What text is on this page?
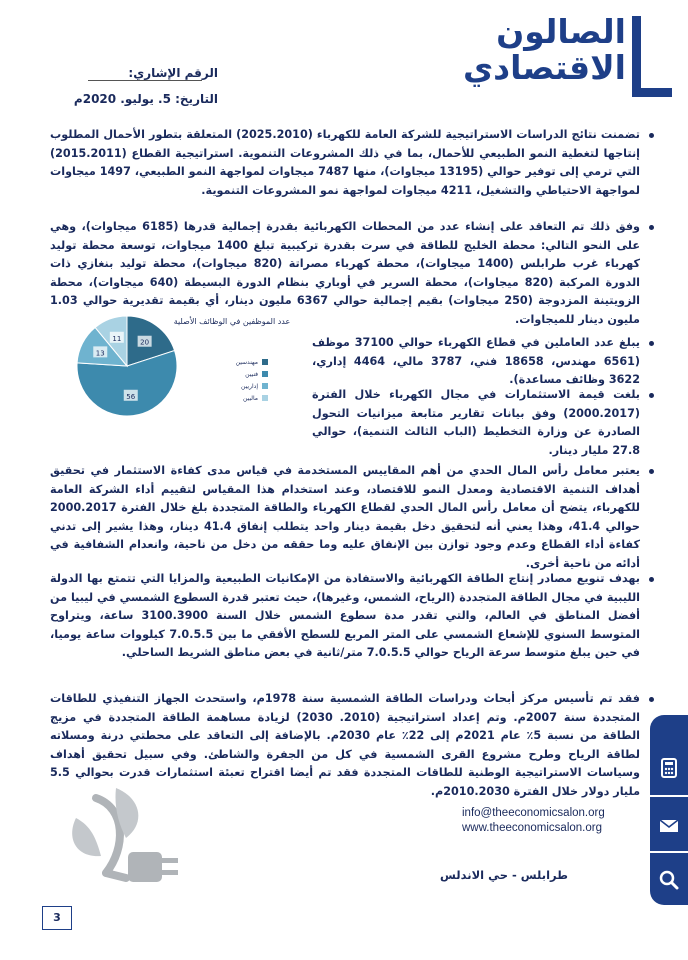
الصالون
الاقتصادي
الرقم الإشاري:
التاريخ: 5. يوليو. 2020م
تضمنت نتائج الدراسات الاستراتيجية للشركة العامة للكهرباء (2025.2010) المتعلقة بتطور الأحمال المطلوب إنتاجها لتغطية النمو الطبيعي للأحمال، بما في ذلك المشروعات التنموية. استراتيجية القطاع (2015.2011) التي ترمي إلى توفير حوالي (13195 ميجاوات)، منها 7487 ميجاوات لمواجهة النمو الطبيعي، 1497 ميجاوات لمواجهة الاحتياطي والتشغيل، 4211 ميجاوات لمواجهة نمو المشروعات التنموية.
وفق ذلك تم التعاقد على إنشاء عدد من المحطات الكهربائية بقدرة إجمالية قدرها (6185 ميجاوات)، وهي على النحو التالي: محطة الخليج للطاقة في سرت بقدرة تركيبية تبلغ 1400 ميجاوات، توسعة محطة توليد كهرباء غرب طرابلس (1400 ميجاوات)، محطة كهرباء مصراتة (820 ميجاوات)، محطة توليد بنغازي ذات الدورة المركبة (820 ميجاوات)، محطة السرير في أوباري بنظام الدورة البسيطة (640 ميجاوات)، محطة الزويتينة المزدوجة (250 ميجاوات) بقيم إجمالية حوالي 6367 مليون دينار، أي بقيمة تقديرية حوالي 1.03 مليون دينار للميجاوات.
يبلغ عدد العاملين في قطاع الكهرباء حوالي 37100 موظف (6561 مهندس، 18658 فني، 3787 مالي، 4464 إداري، 3622 وظائف مساعدة).
بلغت قيمة الاستثمارات في مجال الكهرباء خلال الفترة (2000.2017) وفق بيانات تقارير متابعة ميزانيات التحول الصادرة عن وزارة التخطيط (الباب الثالث التنمية)، حوالي 27.8 مليار دينار.
عدد الموظفين في الوظائف الأصلية
20
56
13
11
مهندسين
فنيين
إداريين
ماليين
يعتبر معامل رأس المال الحدي من أهم المقاييس المستخدمة في قياس مدى كفاءة الاستثمار في تحقيق أهداف التنمية الاقتصادية ومعدل النمو للاقتصاد، وعند استخدام هذا المقياس لتقييم أداء الشركة العامة للكهرباء، يتضح أن معامل رأس المال الحدي لقطاع الكهرباء والطاقة المتجددة بلغ خلال الفترة 2000.2017 حوالي 41.4، وهذا يعني أنه لتحقيق دخل بقيمة دينار واحد يتطلب إنفاق 41.4 دينار، وهذا يشير إلى تدني كفاءة أداء القطاع وعدم وجود توازن بين الإنفاق عليه وما حققه من دخل من ناحية، وانعدام الشفافية في أدائه من ناحية أخرى.
بهدف تنويع مصادر إنتاج الطاقة الكهربائية والاستفادة من الإمكانيات الطبيعية والمزايا التي تتمتع بها الدولة الليبية في مجال الطاقة المتجددة (الرياح، الشمس، وغيرها)، حيث تعتبر قدرة السطوع الشمسي في ليبيا من أفضل المناطق في العالم، والتي تقدر مدة سطوع الشمس خلال السنة 3100.3900 ساعة، ويتراوح المتوسط السنوي للإشعاع الشمسي على المتر المربع للسطح الأفقي ما بين 7.0.5.5 كيلووات ساعة يوميا، في حين يبلغ متوسط سرعة الرياح حوالي 7.0.5.5 متر/ثانية في بعض مناطق الشريط الساحلي.
فقد تم تأسيس مركز أبحاث ودراسات الطاقة الشمسية سنة 1978م، واستحدث الجهاز التنفيذي للطاقات المتجددة سنة 2007م. وتم إعداد استراتيجية (2010. 2030) لزيادة مساهمة الطاقة المتجددة في مزيج الطاقة من نسبة 5٪ عام 2021م إلى 22٪ عام 2030م. بالإضافة إلى التعاقد على محطتي درنة ومسلاته لطاقة الرياح وطرح مشروع القرى الشمسية في كل من الجفرة والشاطئ. وفي سبيل تحقيق أهداف وسياسات الاستراتيجية الوطنية للطاقات المتجددة فقد تم أيضا اقتراح تعبئة استثمارات قدرت بحوالي 5.5 مليار دولار خلال الفترة 2010.2030م.
info@theeconomicsalon.org
www.theeconomicsalon.org
طرابلس - حي الاندلس
3
